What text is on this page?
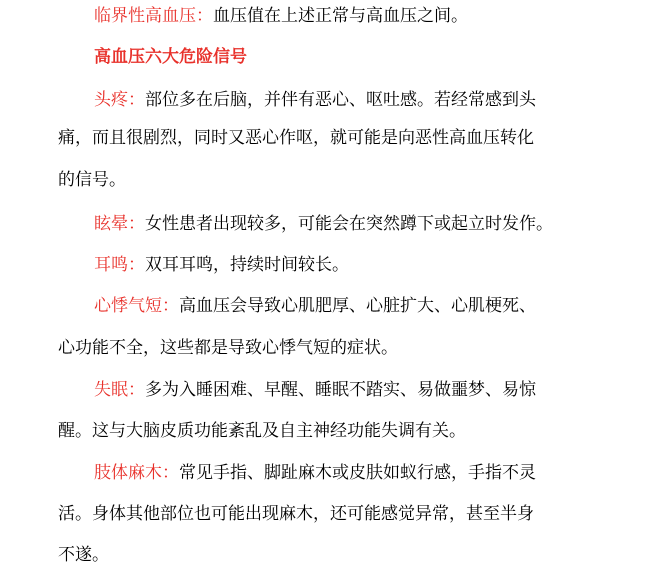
临界性高血压：血压值在上述正常与高血压之间。
高血压六大危险信号
头疼：部位多在后脑，并伴有恶心、呕吐感。若经常感到头
痛，而且很剧烈，同时又恶心作呕，就可能是向恶性高血压转化
的信号。
眩晕：女性患者出现较多，可能会在突然蹲下或起立时发作。
耳鸣：双耳耳鸣，持续时间较长。
心悸气短：高血压会导致心肌肥厚、心脏扩大、心肌梗死、
心功能不全，这些都是导致心悸气短的症状。
失眠：多为入睡困难、早醒、睡眠不踏实、易做噩梦、易惊
醒。这与大脑皮质功能紊乱及自主神经功能失调有关。
肢体麻木：常见手指、脚趾麻木或皮肤如蚁行感，手指不灵
活。身体其他部位也可能出现麻木，还可能感觉异常，甚至半身
不遂。
